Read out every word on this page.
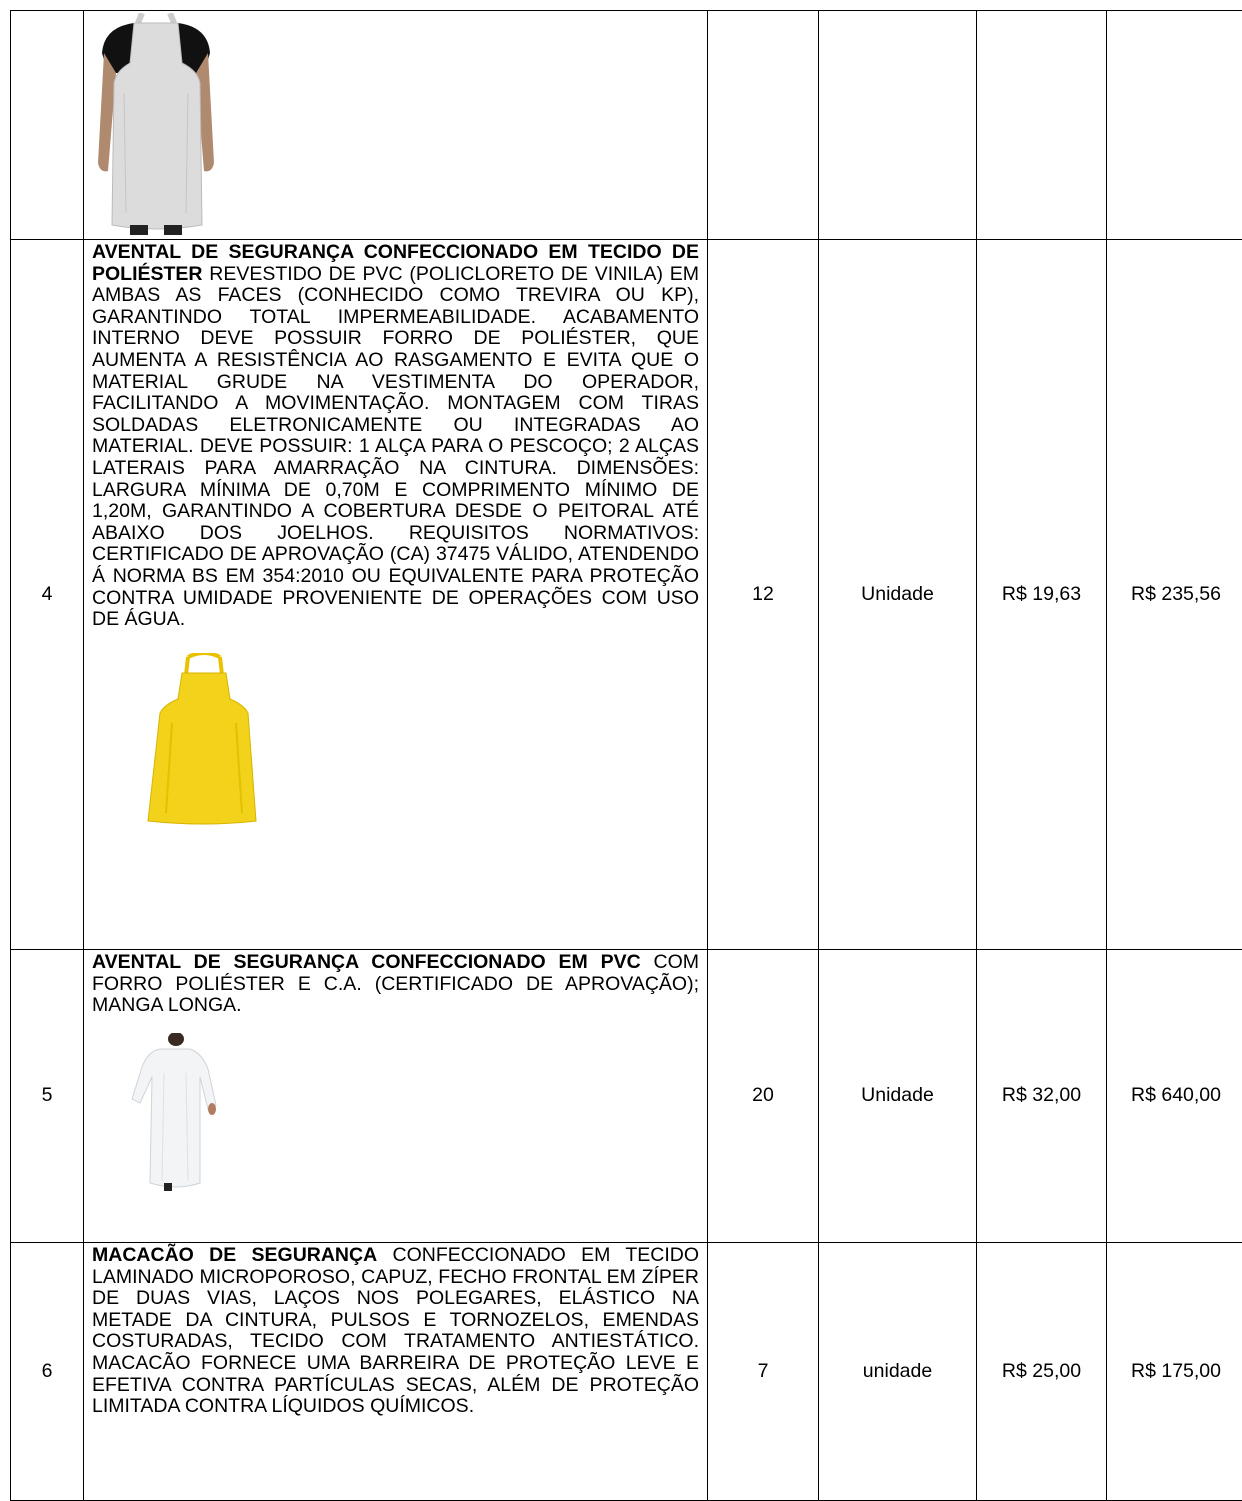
4	AVENTAL DE SEGURANÇA CONFECCIONADO EM TECIDO DE POLIÉSTER REVESTIDO DE PVC (POLICLORETO DE VINILA) EM AMBAS AS FACES (CONHECIDO COMO TREVIRA OU KP), GARANTINDO TOTAL IMPERMEABILIDADE. ACABAMENTO INTERNO DEVE POSSUIR FORRO DE POLIÉSTER, QUE AUMENTA A RESISTÊNCIA AO RASGAMENTO E EVITA QUE O MATERIAL GRUDE NA VESTIMENTA DO OPERADOR, FACILITANDO A MOVIMENTAÇÃO. MONTAGEM COM TIRAS SOLDADAS ELETRONICAMENTE OU INTEGRADAS AO MATERIAL. DEVE POSSUIR: 1 ALÇA PARA O PESCOÇO; 2 ALÇAS LATERAIS PARA AMARRAÇÃO NA CINTURA. DIMENSÕES: LARGURA MÍNIMA DE 0,70M E COMPRIMENTO MÍNIMO DE 1,20M, GARANTINDO A COBERTURA DESDE O PEITORAL ATÉ ABAIXO DOS JOELHOS. REQUISITOS NORMATIVOS: CERTIFICADO DE APROVAÇÃO (CA) 37475 VÁLIDO, ATENDENDO Á NORMA BS EM 354:2010 OU EQUIVALENTE PARA PROTEÇÃO CONTRA UMIDADE PROVENIENTE DE OPERAÇÕES COM USO DE ÁGUA.	12	Unidade	R$ 19,63	R$ 235,56
5	AVENTAL DE SEGURANÇA CONFECCIONADO EM PVC COM FORRO POLIÉSTER E C.A. (CERTIFICADO DE APROVAÇÃO); MANGA LONGA.	20	Unidade	R$ 32,00	R$ 640,00
6	MACACÃO DE SEGURANÇA CONFECCIONADO EM TECIDO LAMINADO MICROPOROSO, CAPUZ, FECHO FRONTAL EM ZÍPER DE DUAS VIAS, LAÇOS NOS POLEGARES, ELÁSTICO NA METADE DA CINTURA, PULSOS E TORNOZELOS, EMENDAS COSTURADAS, TECIDO COM TRATAMENTO ANTIESTÁTICO. MACACÃO FORNECE UMA BARREIRA DE PROTEÇÃO LEVE E EFETIVA CONTRA PARTÍCULAS SECAS, ALÉM DE PROTEÇÃO LIMITADA CONTRA LÍQUIDOS QUÍMICOS.	7	unidade	R$ 25,00	R$ 175,00
